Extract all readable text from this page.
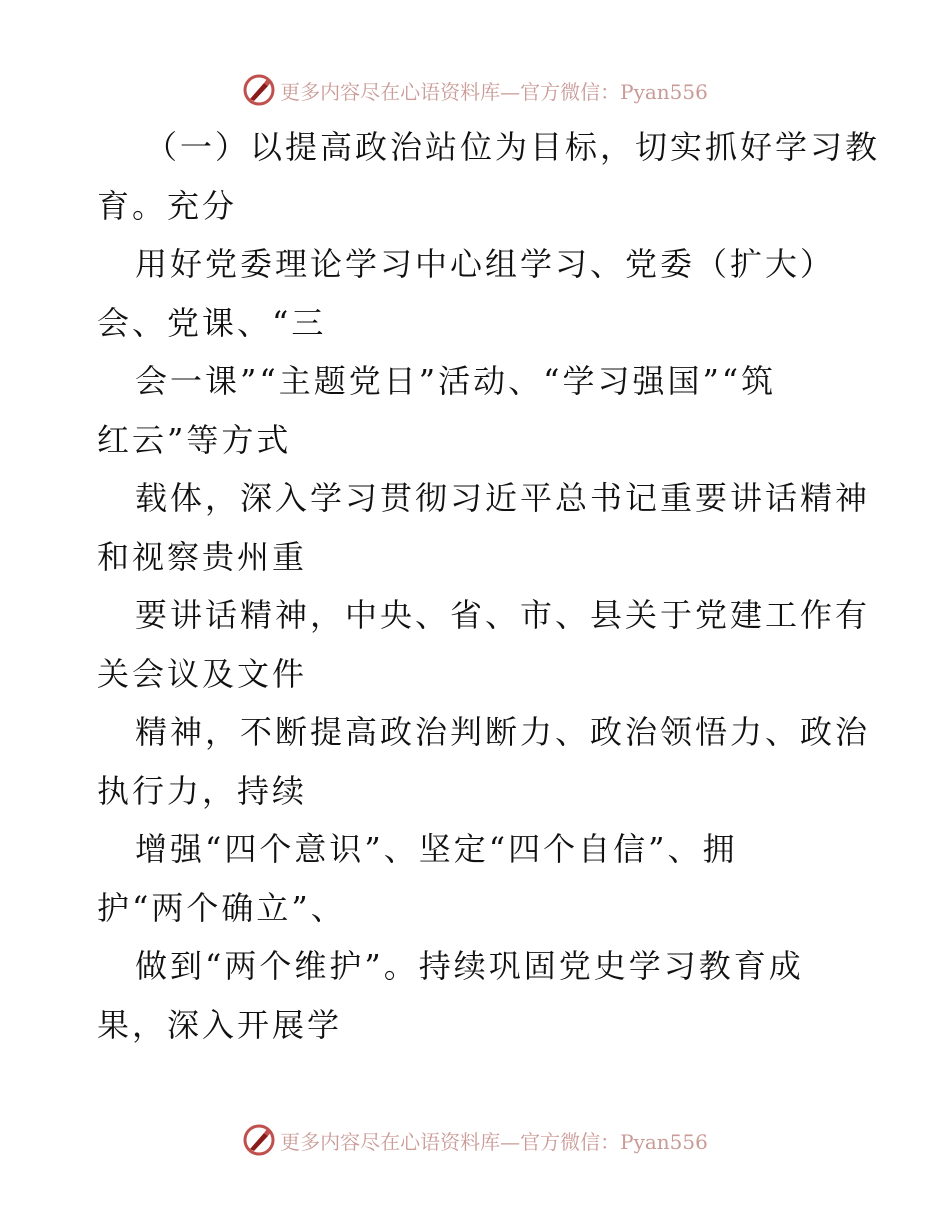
更多内容尽在心语资料库—官方微信：Pyan556
（一）以提高政治站位为目标，切实抓好学习教
育。充分
用好党委理论学习中心组学习、党委（扩大）
会、党课、“三
会一课”“主题党日”活动、“学习强国”“筑
红云”等方式
载体，深入学习贯彻习近平总书记重要讲话精神
和视察贵州重
要讲话精神，中央、省、市、县关于党建工作有
关会议及文件
精神，不断提高政治判断力、政治领悟力、政治
执行力，持续
增强“四个意识”、坚定“四个自信”、拥
护“两个确立”、
做到“两个维护”。持续巩固党史学习教育成
果，深入开展学
更多内容尽在心语资料库—官方微信：Pyan556
